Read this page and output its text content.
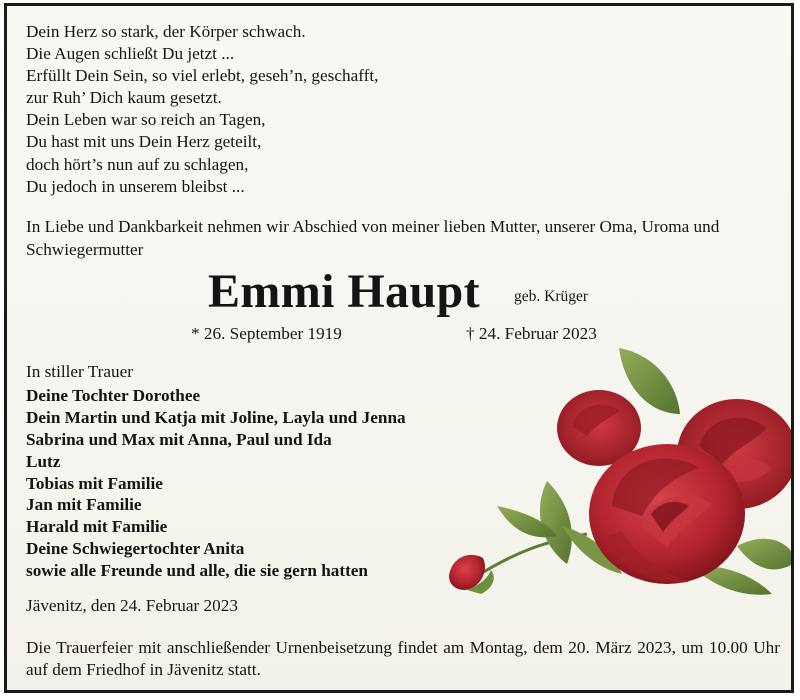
Dein Herz so stark, der Körper schwach.
Die Augen schließt Du jetzt ...
Erfüllt Dein Sein, so viel erlebt, geseh’n, geschafft,
zur Ruh’ Dich kaum gesetzt.
Dein Leben war so reich an Tagen,
Du hast mit uns Dein Herz geteilt,
doch hört’s nun auf zu schlagen,
Du jedoch in unserem bleibst ...
In Liebe und Dankbarkeit nehmen wir Abschied von meiner lieben Mutter, unserer Oma, Uroma und Schwiegermutter
Emmi Haupt geb. Krüger
* 26. September 1919	† 24. Februar 2023
In stiller Trauer
Deine Tochter Dorothee
Dein Martin und Katja mit Joline, Layla und Jenna
Sabrina und Max mit Anna, Paul und Ida
Lutz
Tobias mit Familie
Jan mit Familie
Harald mit Familie
Deine Schwiegertochter Anita
sowie alle Freunde und alle, die sie gern hatten
Jävenitz, den 24. Februar 2023
Die Trauerfeier mit anschließender Urnenbeisetzung findet am Montag, dem 20. März 2023, um 10.00 Uhr auf dem Friedhof in Jävenitz statt.
